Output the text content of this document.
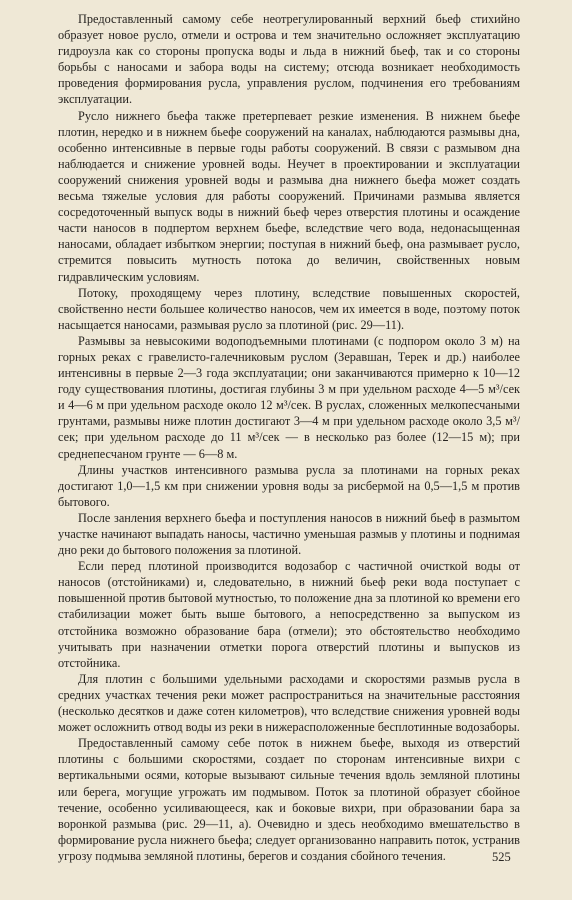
Предоставленный самому себе неотрегулированный верхний бьеф стихийно образует новое русло, отмели и острова и тем значительно осложняет эксплуатацию гидроузла как со стороны пропуска воды и льда в нижний бьеф, так и со стороны борьбы с наносами и забора воды на систему; отсюда возникает необходимость проведения формирования русла, управления руслом, подчинения его требованиям эксплуатации.

Русло нижнего бьефа также претерпевает резкие изменения. В нижнем бьефе плотин, нередко и в нижнем бьефе сооружений на каналах, наблюдаются размывы дна, особенно интенсивные в первые годы работы сооружений. В связи с размывом дна наблюдается и снижение уровней воды. Неучет в проектировании и эксплуатации сооружений снижения уровней воды и размыва дна нижнего бьефа может создать весьма тяжелые условия для работы сооружений. Причинами размыва является сосредоточенный выпуск воды в нижний бьеф через отверстия плотины и осаждение части наносов в подпертом верхнем бьефе, вследствие чего вода, недонасыщенная наносами, обладает избытком энергии; поступая в нижний бьеф, она размывает русло, стремится повысить мутность потока до величин, свойственных новым гидравлическим условиям.

Потоку, проходящему через плотину, вследствие повышенных скоростей, свойственно нести большее количество наносов, чем их имеется в воде, поэтому поток насыщается наносами, размывая русло за плотиной (рис. 29—11).

Размывы за невысокими водоподъемными плотинами (с подпором около 3 м) на горных реках с гравелисто-галечниковым руслом (Зеравшан, Терек и др.) наиболее интенсивны в первые 2—3 года эксплуатации; они заканчиваются примерно к 10—12 году существования плотины, достигая глубины 3 м при удельном расходе 4—5 м³/сек и 4—6 м при удельном расходе около 12 м³/сек. В руслах, сложенных мелкопесчаными грунтами, размывы ниже плотин достигают 3—4 м при удельном расходе около 3,5 м³/сек; при удельном расходе до 11 м³/сек — в несколько раз более (12—15 м); при среднепесчаном грунте — 6—8 м.

Длины участков интенсивного размыва русла за плотинами на горных реках достигают 1,0—1,5 км при снижении уровня воды за рисбермой на 0,5—1,5 м против бытового.

После занления верхнего бьефа и поступления наносов в нижний бьеф в размытом участке начинают выпадать наносы, частично уменьшая размыв у плотины и поднимая дно реки до бытового положения за плотиной.

Если перед плотиной производится водозабор с частичной очисткой воды от наносов (отстойниками) и, следовательно, в нижний бьеф реки вода поступает с повышенной против бытовой мутностью, то положение дна за плотиной ко времени его стабилизации может быть выше бытового, а непосредственно за выпуском из отстойника возможно образование бара (отмели); это обстоятельство необходимо учитывать при назначении отметки порога отверстий плотины и выпусков из отстойника.

Для плотин с большими удельными расходами и скоростями размыв русла в средних участках течения реки может распространиться на значительные расстояния (несколько десятков и даже сотен километров), что вследствие снижения уровней воды может осложнить отвод воды из реки в нижерасположенные бесплотинные водозаборы.

Предоставленный самому себе поток в нижнем бьефе, выходя из отверстий плотины с большими скоростями, создает по сторонам интенсивные вихри с вертикальными осями, которые вызывают сильные течения вдоль земляной плотины или берега, могущие угрожать им подмывом. Поток за плотиной образует сбойное течение, особенно усиливающееся, как и боковые вихри, при образовании бара за воронкой размыва (рис. 29—11, а). Очевидно и здесь необходимо вмешательство в формирование русла нижнего бьефа; следует организованно направить поток, устранив угрозу подмыва земляной плотины, берегов и создания сбойного течения.	525
